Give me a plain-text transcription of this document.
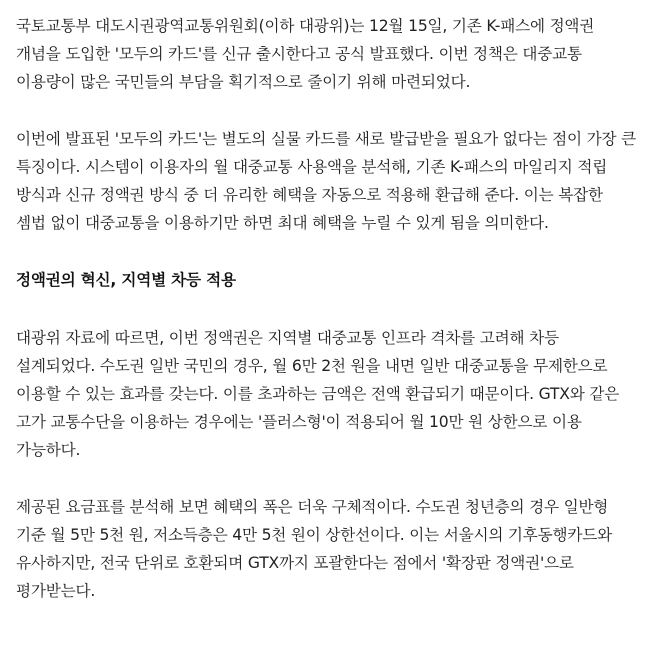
국토교통부 대도시권광역교통위원회(이하 대광위)는 12월 15일, 기존 K-패스에 정액권 개념을 도입한 '모두의 카드'를 신규 출시한다고 공식 발표했다. 이번 정책은 대중교통 이용량이 많은 국민들의 부담을 획기적으로 줄이기 위해 마련되었다.

이번에 발표된 '모두의 카드'는 별도의 실물 카드를 새로 발급받을 필요가 없다는 점이 가장 큰 특징이다. 시스템이 이용자의 월 대중교통 사용액을 분석해, 기존 K-패스의 마일리지 적립 방식과 신규 정액권 방식 중 더 유리한 혜택을 자동으로 적용해 환급해 준다. 이는 복잡한 셈법 없이 대중교통을 이용하기만 하면 최대 혜택을 누릴 수 있게 됨을 의미한다.

정액권의 혁신, 지역별 차등 적용

대광위 자료에 따르면, 이번 정액권은 지역별 대중교통 인프라 격차를 고려해 차등 설계되었다. 수도권 일반 국민의 경우, 월 6만 2천 원을 내면 일반 대중교통을 무제한으로 이용할 수 있는 효과를 갖는다. 이를 초과하는 금액은 전액 환급되기 때문이다. GTX와 같은 고가 교통수단을 이용하는 경우에는 '플러스형'이 적용되어 월 10만 원 상한으로 이용 가능하다.

제공된 요금표를 분석해 보면 혜택의 폭은 더욱 구체적이다. 수도권 청년층의 경우 일반형 기준 월 5만 5천 원, 저소득층은 4만 5천 원이 상한선이다. 이는 서울시의 기후동행카드와 유사하지만, 전국 단위로 호환되며 GTX까지 포괄한다는 점에서 '확장판 정액권'으로 평가받는다.
